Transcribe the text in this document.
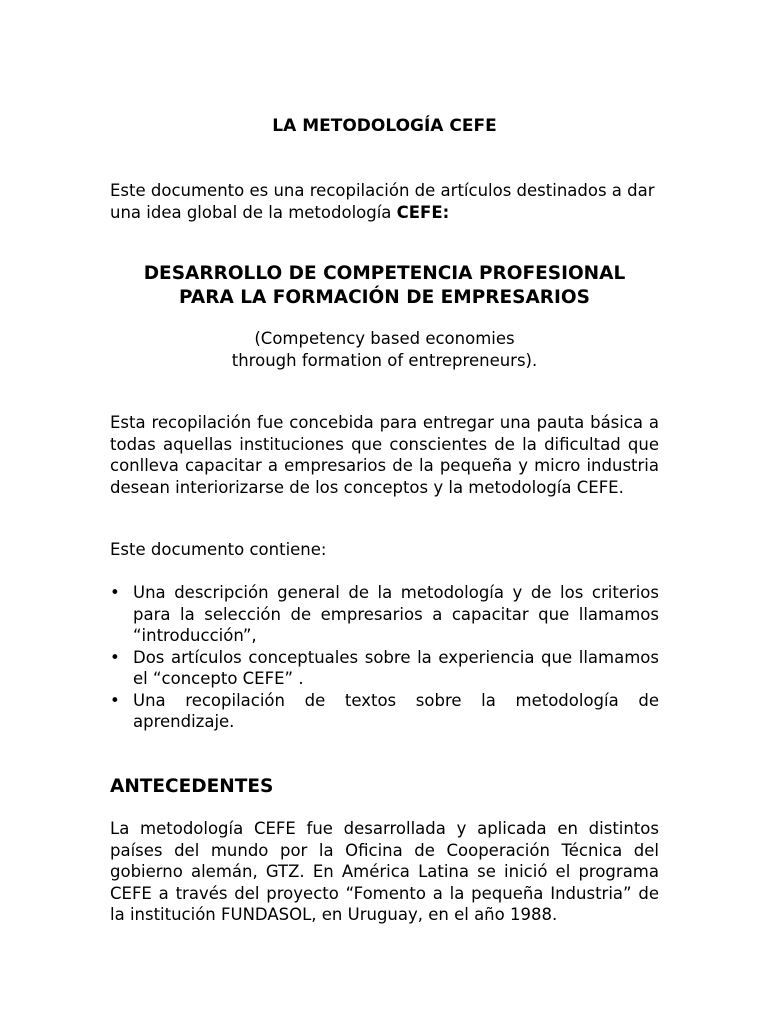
LA METODOLOGÍA CEFE

Este documento es una recopilación de artículos destinados a dar una idea global de la metodología CEFE:

DESARROLLO DE COMPETENCIA PROFESIONAL
PARA LA FORMACIÓN DE EMPRESARIOS

(Competency based economies
through formation of entrepreneurs).

Esta recopilación fue concebida para entregar una pauta básica a todas aquellas instituciones que conscientes de la dificultad que conlleva capacitar a empresarios de la pequeña y micro industria desean interiorizarse de los conceptos y la metodología CEFE.

Este documento contiene:

• Una descripción general de la metodología y de los criterios para la selección de empresarios a capacitar que llamamos “introducción”,
• Dos artículos conceptuales sobre la experiencia que llamamos el “concepto CEFE” .
• Una recopilación de textos sobre la metodología de aprendizaje.
ANTECEDENTES

La metodología CEFE fue desarrollada y aplicada en distintos países del mundo por la Oficina de Cooperación Técnica del gobierno alemán, GTZ. En América Latina se inició el programa CEFE a través del proyecto “Fomento a la pequeña Industria” de la institución FUNDASOL, en Uruguay, en el año 1988.
